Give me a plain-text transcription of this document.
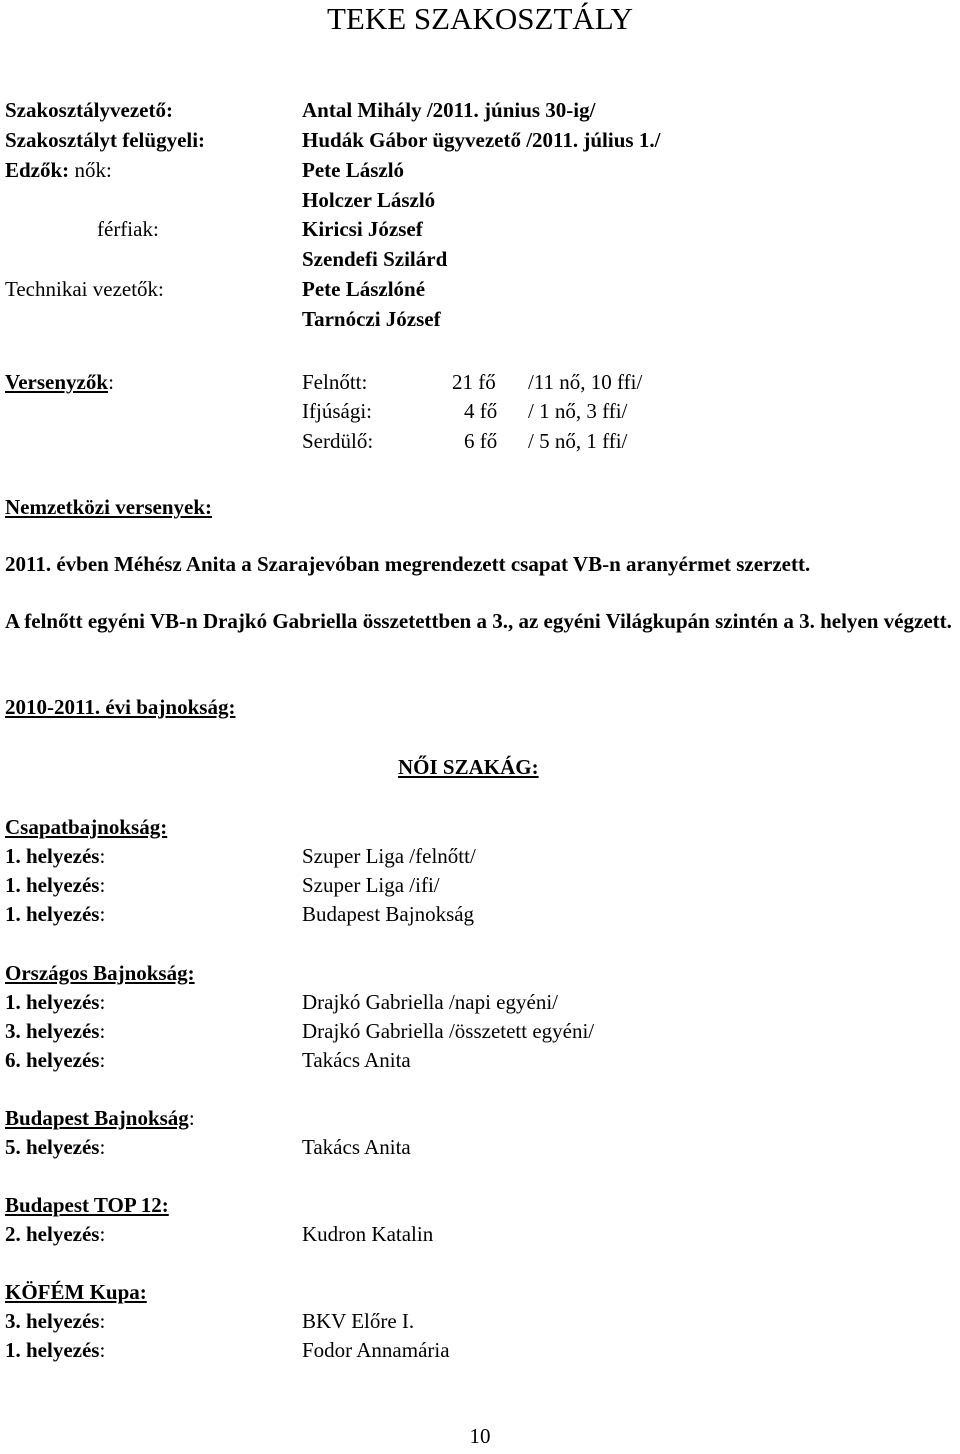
TEKE SZAKOSZTÁLY
Szakosztályvezető:	Antal Mihály /2011. június 30-ig/
Szakosztályt felügyeli:	Hudák Gábor ügyvezető /2011. július 1./
Edzők: nők:	Pete László
Holczer László
férfiak:	Kiricsi József
Szendefi Szilárd
Technikai vezetők:	Pete Lászlóné
Tarnóczi József
Versenyzők:	Felnőtt:	21 fő /11 nő, 10 ffi/
Ifjúsági:	4 fő / 1 nő, 3 ffi/
Serdülő:	6 fő / 5 nő, 1 ffi/
Nemzetközi versenyek:
2011. évben Méhész Anita a Szarajevóban megrendezett csapat VB-n aranyérmet szerzett.
A felnőtt egyéni VB-n Drajkó Gabriella összetettben a 3., az egyéni Világkupán szintén a 3. helyen végzett.
2010-2011. évi bajnokság:
NŐI SZAKÁG:
Csapatbajnokság:
1. helyezés:	Szuper Liga /felnőtt/
1. helyezés:	Szuper Liga /ifi/
1. helyezés:	Budapest Bajnokság
Országos Bajnokság:
1. helyezés:	Drajkó Gabriella /napi egyéni/
3. helyezés:	Drajkó Gabriella /összetett egyéni/
6. helyezés:	Takács Anita
Budapest Bajnokság:
5. helyezés:	Takács Anita
Budapest TOP 12:
2. helyezés:	Kudron Katalin
KÖFÉM Kupa:
3. helyezés:	BKV Előre I.
1. helyezés:	Fodor Annamária
10
